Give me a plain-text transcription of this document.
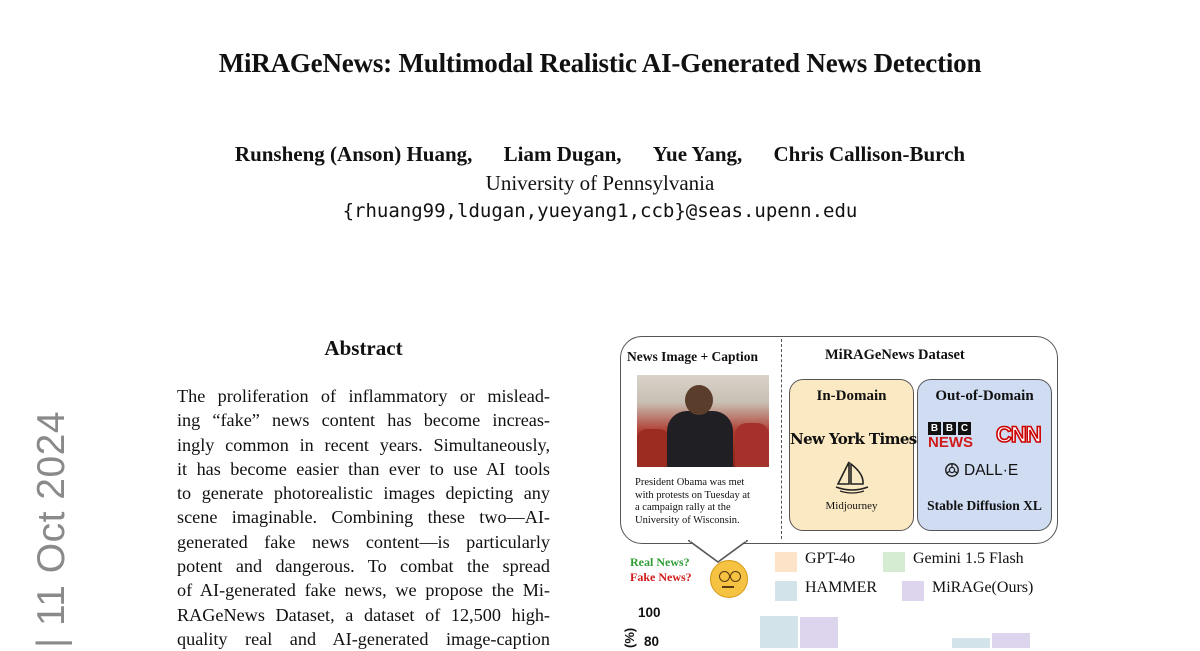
MiRAGeNews: Multimodal Realistic AI-Generated News Detection
Runsheng (Anson) Huang, Liam Dugan, Yue Yang, Chris Callison-Burch
University of Pennsylvania
{rhuang99,ldugan,yueyang1,ccb}@seas.upenn.edu
| 11 Oct 2024
Abstract
The proliferation of inflammatory or mislead-
ing “fake” news content has become increas-
ingly common in recent years. Simultaneously,
it has become easier than ever to use AI tools
to generate photorealistic images depicting any
scene imaginable. Combining these two—AI-
generated fake news content—is particularly
potent and dangerous. To combat the spread
of AI-generated fake news, we propose the Mi-
RAGeNews Dataset, a dataset of 12,500 high-
quality real and AI-generated image-caption
News Image + Caption	MiRAGeNews Dataset
President Obama was met
with protests on Tuesday at
a campaign rally at the
University of Wisconsin.
In-Domain
New York Times
Midjourney
Out-of-Domain
B B C
NEWS CNN
DALL·E
Stable Diffusion XL
Real News?
Fake News?
GPT-4o	Gemini 1.5 Flash
HAMMER	MiRAGe(Ours)
100
80
(%)
